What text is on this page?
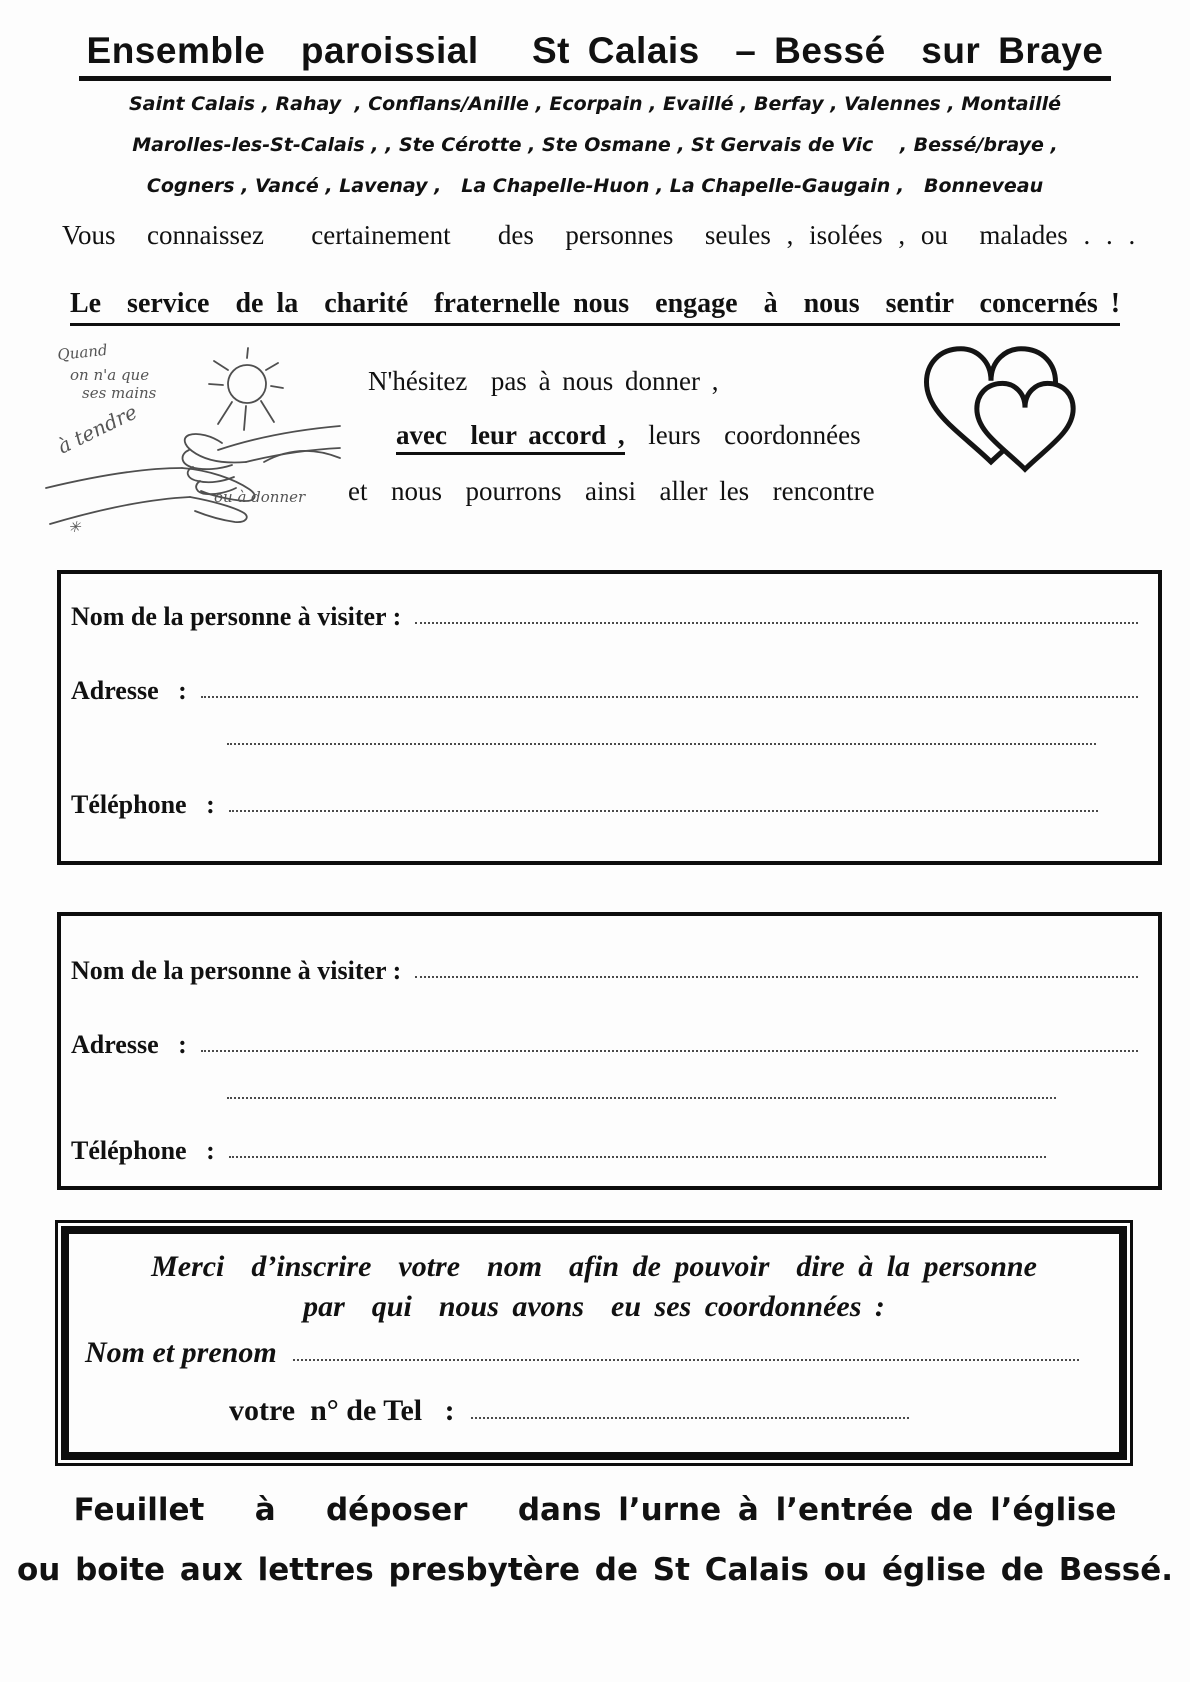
Ensemble  paroissial   St Calais  – Bessé  sur Braye
Saint Calais , Rahay  , Conflans/Anille , Ecorpain , Evaillé , Berfay , Valennes , Montaillé
Marolles-les-St-Calais , , Ste Cérotte , Ste Osmane , St Gervais de Vic    , Bessé/braye ,
Cogners , Vancé , Lavenay ,   La Chapelle-Huon , La Chapelle-Gaugain ,   Bonneveau
Vous  connaissez   certainement   des  personnes  seules , isolées , ou  malades . . .
Le  service  de la  charité  fraternelle nous  engage  à  nous  sentir  concernés !
Quand
on n'a que
ses mains
à tendre
ou à donner
✳
N'hésitez  pas à nous donner ,
avec  leur accord ,  leurs  coordonnées
et  nous  pourrons  ainsi  aller les  rencontre
Nom de la personne à visiter :
Adresse   :
Téléphone   :
Nom de la personne à visiter :
Adresse   :
Téléphone   :
Merci  d’inscrire  votre  nom  afin de pouvoir  dire à la personne
par  qui  nous avons  eu ses coordonnées :
Nom et prenom
votre  n° de Tel   :
Feuillet   à   déposer   dans l’urne à l’entrée de l’église
ou boite aux lettres presbytère de St Calais ou église de Bessé.
